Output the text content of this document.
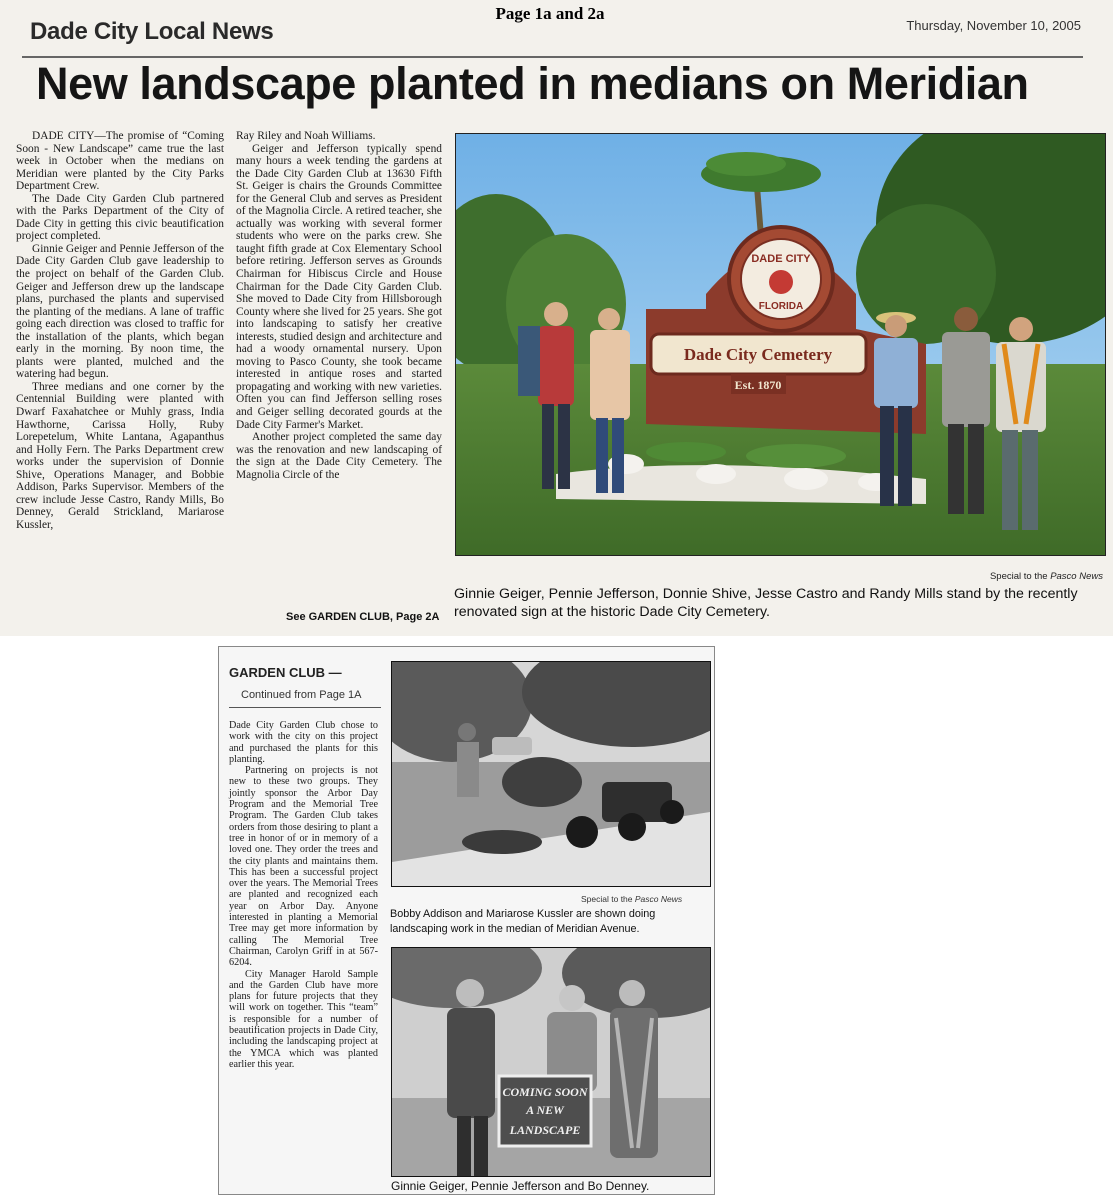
Dade City Local News	Thursday, November 10, 2005
New landscape planted in medians on Meridian

DADE CITY—The promise of “Coming Soon - New Landscape” came true the last week in October when the medians on Meridian were planted by the City Parks Department Crew.

The Dade City Garden Club partnered with the Parks Department of the City of Dade City in getting this civic beautification project completed.

Ginnie Geiger and Pennie Jefferson of the Dade City Garden Club gave leadership to the project on behalf of the Garden Club. Geiger and Jefferson drew up the landscape plans, purchased the plants and supervised the planting of the medians. A lane of traffic going each direction was closed to traffic for the installation of the plants, which began early in the morning. By noon time, the plants were planted, mulched and the watering had begun.

Three medians and one corner by the Centennial Building were planted with Dwarf Faxahatchee or Muhly grass, India Hawthorne, Carissa Holly, Ruby Lorepetelum, White Lantana, Agapanthus and Holly Fern. The Parks Department crew works under the supervision of Donnie Shive, Operations Manager, and Bobbie Addison, Parks Supervisor. Members of the crew include Jesse Castro, Randy Mills, Bo Denney, Gerald Strickland, Mariarose Kussler,

Ray Riley and Noah Williams.

Geiger and Jefferson typically spend many hours a week tending the gardens at the Dade City Garden Club at 13630 Fifth St. Geiger is chairs the Grounds Committee for the General Club and serves as President of the Magnolia Circle. A retired teacher, she actually was working with several former students who were on the parks crew. She taught fifth grade at Cox Elementary School before retiring. Jefferson serves as Grounds Chairman for Hibiscus Circle and House Chairman for the Dade City Garden Club. She moved to Dade City from Hillsborough County where she lived for 25 years. She got into landscaping to satisfy her creative interests, studied design and architecture and had a woody ornamental nursery. Upon moving to Pasco County, she took became interested in antique roses and started propagating and working with new varieties. Often you can find Jefferson selling roses and Geiger selling decorated gourds at the Dade City Farmer's Market.

Another project completed the same day was the renovation and new landscaping of the sign at the Dade City Cemetery. The Magnolia Circle of the

See GARDEN CLUB, Page 2A
DADE CITY
FLORIDA
Dade City Cemetery
Est. 1870
Special to the Pasco News
Ginnie Geiger, Pennie Jefferson, Donnie Shive, Jesse Castro and Randy Mills stand by the recently renovated sign at the historic Dade City Cemetery.
Page 1a and 2a
GARDEN CLUB —
Continued from Page 1A

Dade City Garden Club chose to work with the city on this project and purchased the plants for this planting.

Partnering on projects is not new to these two groups. They jointly sponsor the Arbor Day Program and the Memorial Tree Program. The Garden Club takes orders from those desiring to plant a tree in honor of or in memory of a loved one. They order the trees and the city plants and maintains them. This has been a successful project over the years. The Memorial Trees are planted and recognized each year on Arbor Day. Anyone interested in planting a Memorial Tree may get more information by calling The Memorial Tree Chairman, Carolyn Griff in at 567-6204.

City Manager Harold Sample and the Garden Club have more plans for future projects that they will work on together. This “team” is responsible for a number of beautification projects in Dade City, including the landscaping project at the YMCA which was planted earlier this year.

Special to the Pasco News
Bobby Addison and Mariarose Kussler are shown doing landscaping work in the median of Meridian Avenue.
COMING SOON
A NEW
LANDSCAPE
Ginnie Geiger, Pennie Jefferson and Bo Denney.
